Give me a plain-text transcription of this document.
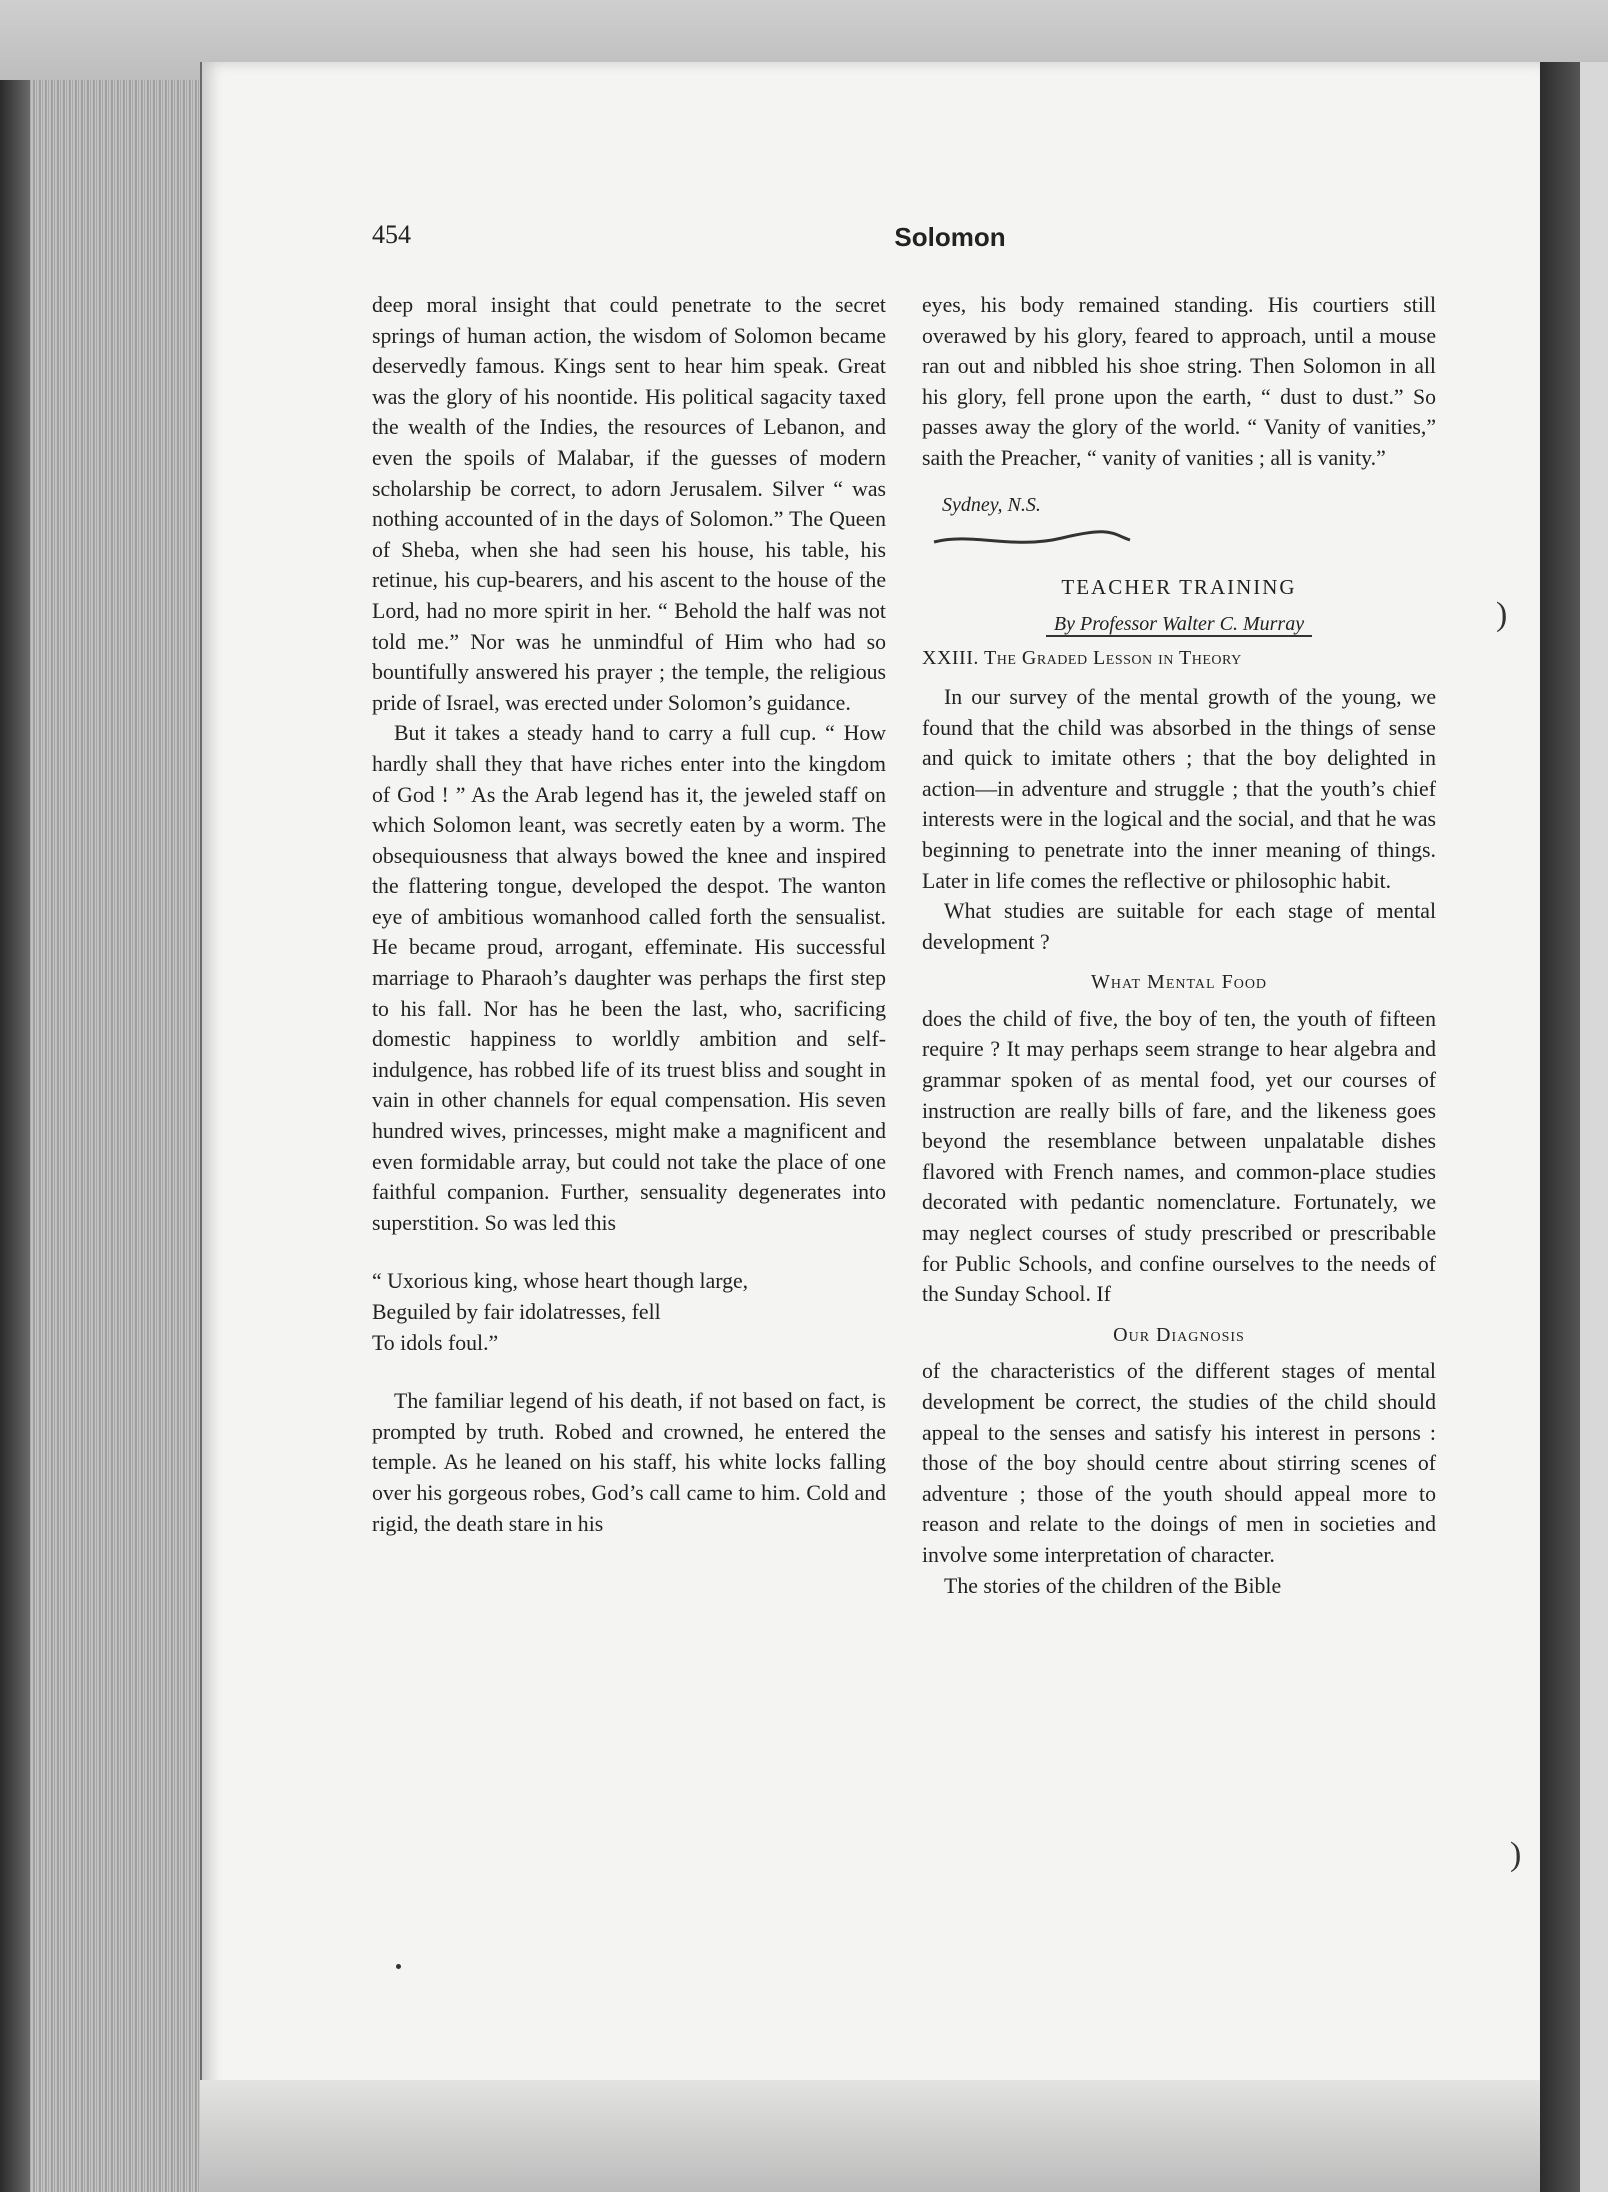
454	Solomon

deep moral insight that could penetrate to the secret springs of human action, the wisdom of Solomon became deservedly famous. Kings sent to hear him speak. Great was the glory of his noontide. His political sagacity taxed the wealth of the Indies, the resources of Lebanon, and even the spoils of Malabar, if the guesses of modern scholarship be correct, to adorn Jerusalem. Silver “ was nothing accounted of in the days of Solomon.” The Queen of Sheba, when she had seen his house, his table, his retinue, his cup-bearers, and his ascent to the house of the Lord, had no more spirit in her. “ Behold the half was not told me.” Nor was he unmindful of Him who had so bountifully answered his prayer ; the temple, the religious pride of Israel, was erected under Solomon’s guidance.

But it takes a steady hand to carry a full cup. “ How hardly shall they that have riches enter into the kingdom of God ! ” As the Arab legend has it, the jeweled staff on which Solomon leant, was secretly eaten by a worm. The obsequiousness that always bowed the knee and inspired the flattering tongue, developed the despot. The wanton eye of ambitious womanhood called forth the sensualist. He became proud, arrogant, effeminate. His successful marriage to Pharaoh’s daughter was perhaps the first step to his fall. Nor has he been the last, who, sacrificing domestic happiness to worldly ambition and self-indulgence, has robbed life of its truest bliss and sought in vain in other channels for equal compensation. His seven hundred wives, princesses, might make a magnificent and even formidable array, but could not take the place of one faithful companion. Further, sensuality degenerates into superstition. So was led this

“ Uxorious king, whose heart though large,
Beguiled by fair idolatresses, fell
To idols foul.”

The familiar legend of his death, if not based on fact, is prompted by truth. Robed and crowned, he entered the temple. As he leaned on his staff, his white locks falling over his gorgeous robes, God’s call came to him. Cold and rigid, the death stare in his

eyes, his body remained standing. His courtiers still overawed by his glory, feared to approach, until a mouse ran out and nibbled his shoe string. Then Solomon in all his glory, fell prone upon the earth, “ dust to dust.” So passes away the glory of the world. “ Vanity of vanities,” saith the Preacher, “ vanity of vanities ; all is vanity.”

Sydney, N.S.
TEACHER TRAINING
By Professor Walter C. Murray
XXIII. The Graded Lesson in Theory

In our survey of the mental growth of the young, we found that the child was absorbed in the things of sense and quick to imitate others ; that the boy delighted in action—in adventure and struggle ; that the youth’s chief interests were in the logical and the social, and that he was beginning to penetrate into the inner meaning of things. Later in life comes the reflective or philosophic habit.

What studies are suitable for each stage of mental development ?

What Mental Food

does the child of five, the boy of ten, the youth of fifteen require ? It may perhaps seem strange to hear algebra and grammar spoken of as mental food, yet our courses of instruction are really bills of fare, and the likeness goes beyond the resemblance between unpalatable dishes flavored with French names, and common-place studies decorated with pedantic nomenclature. Fortunately, we may neglect courses of study prescribed or prescribable for Public Schools, and confine ourselves to the needs of the Sunday School. If

Our Diagnosis

of the characteristics of the different stages of mental development be correct, the studies of the child should appeal to the senses and satisfy his interest in persons : those of the boy should centre about stirring scenes of adventure ; those of the youth should appeal more to reason and relate to the doings of men in societies and involve some interpretation of character.

The stories of the children of the Bible

)
)
